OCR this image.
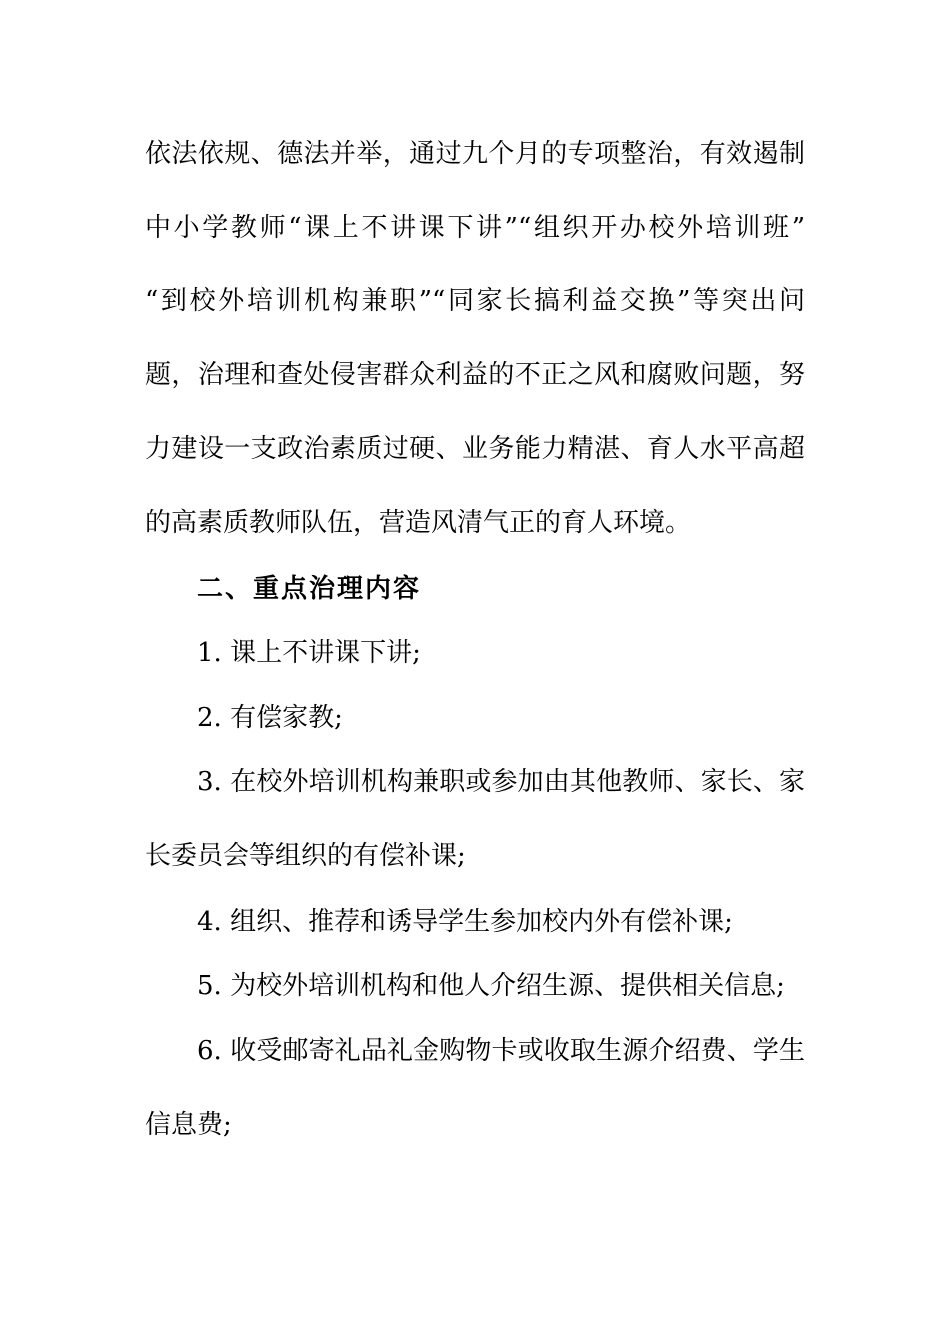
依法依规、德法并举，通过九个月的专项整治，有效遏制
中小学教师“课上不讲课下讲”“组织开办校外培训班”
“到校外培训机构兼职”“同家长搞利益交换”等突出问
题，治理和查处侵害群众利益的不正之风和腐败问题，努
力建设一支政治素质过硬、业务能力精湛、育人水平高超
的高素质教师队伍，营造风清气正的育人环境。
二、重点治理内容
1. 课上不讲课下讲;
2. 有偿家教;
3. 在校外培训机构兼职或参加由其他教师、家长、家
长委员会等组织的有偿补课;
4. 组织、推荐和诱导学生参加校内外有偿补课;
5. 为校外培训机构和他人介绍生源、提供相关信息;
6. 收受邮寄礼品礼金购物卡或收取生源介绍费、学生
信息费;
